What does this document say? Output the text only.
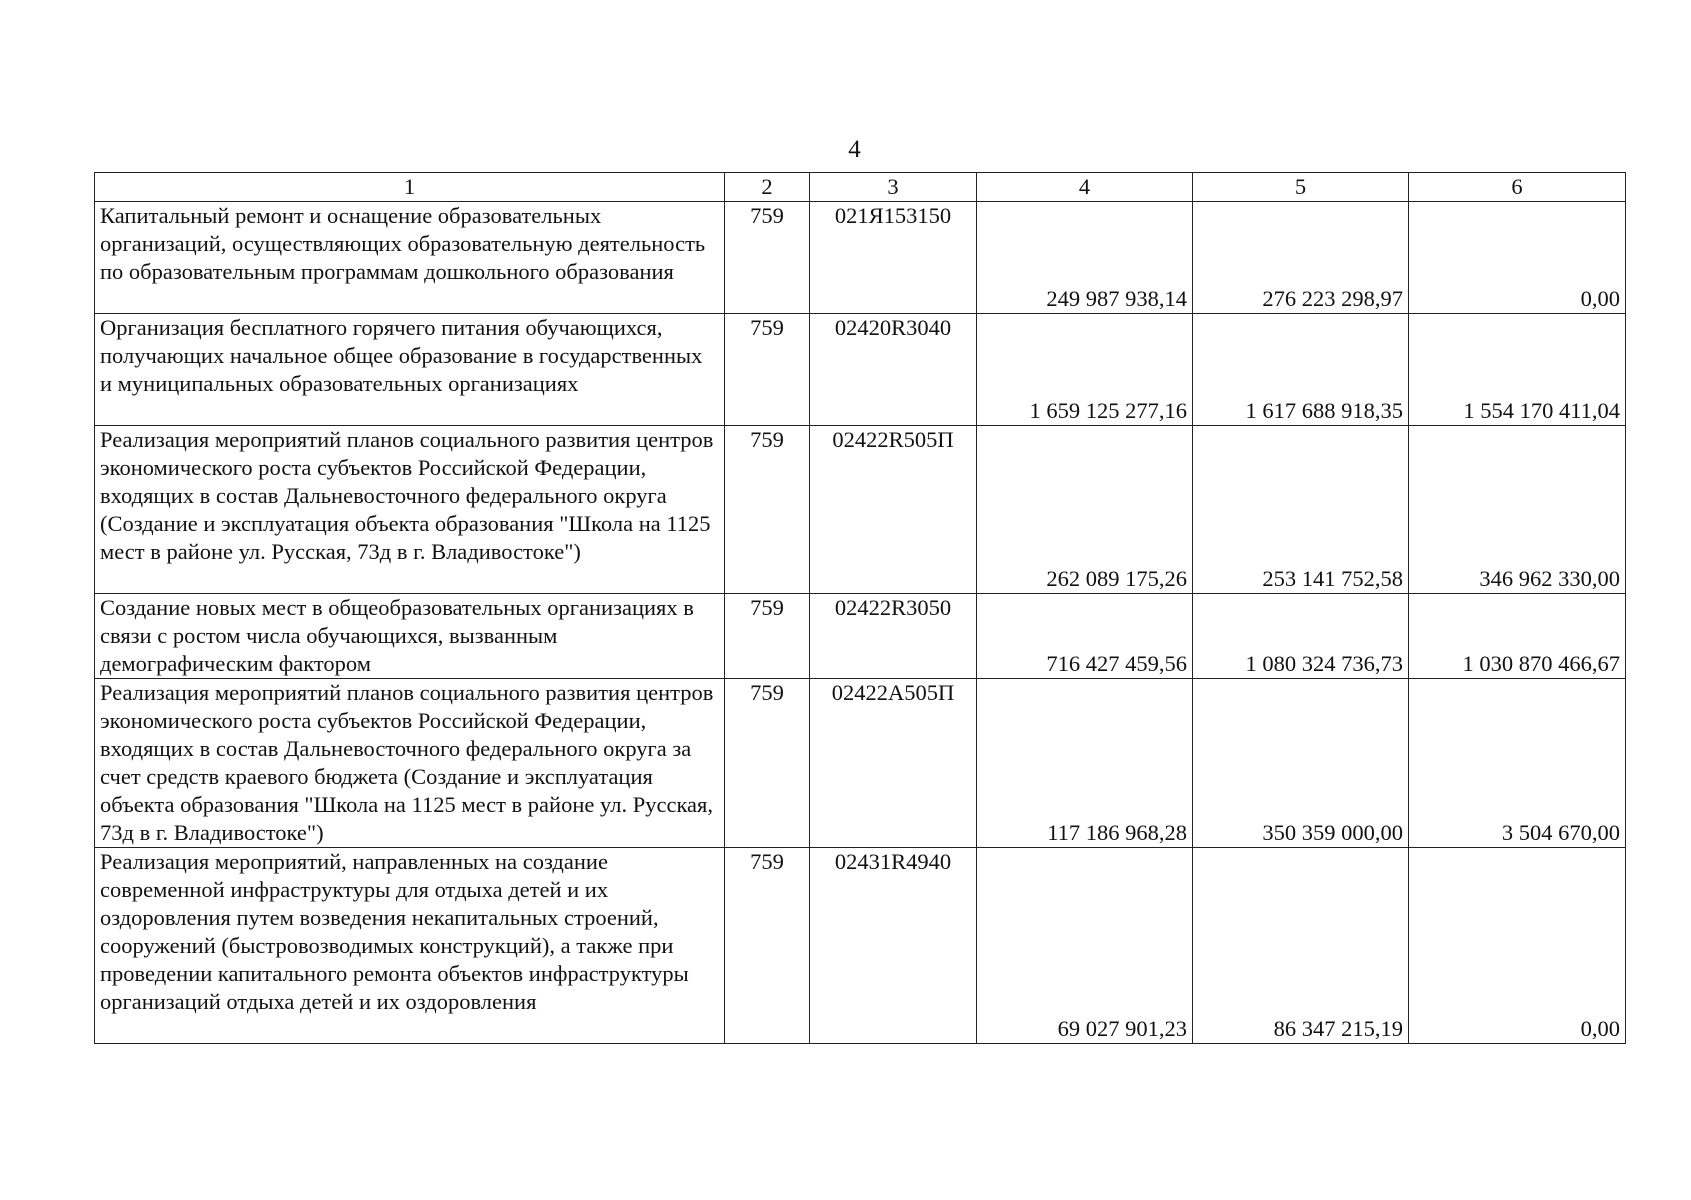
4
1	2	3	4	5	6
Капитальный ремонт и оснащение образовательных организаций, осуществляющих образовательную деятельность по образовательным программам дошкольного образования	759	021Я153150	249 987 938,14	276 223 298,97	0,00
Организация бесплатного горячего питания обучающихся, получающих начальное общее образование в государственных и муниципальных образовательных организациях	759	02420R3040	1 659 125 277,16	1 617 688 918,35	1 554 170 411,04
Реализация мероприятий планов социального развития центров экономического роста субъектов Российской Федерации, входящих в состав Дальневосточного федерального округа (Создание и эксплуатация объекта образования "Школа на 1125 мест в районе ул. Русская, 73д в г. Владивостоке")	759	02422R505П	262 089 175,26	253 141 752,58	346 962 330,00
Создание новых мест в общеобразовательных организациях в связи с ростом числа обучающихся, вызванным демографическим фактором	759	02422R3050	716 427 459,56	1 080 324 736,73	1 030 870 466,67
Реализация мероприятий планов социального развития центров экономического роста субъектов Российской Федерации, входящих в состав Дальневосточного федерального округа за счет средств краевого бюджета (Создание и эксплуатация объекта образования "Школа на 1125 мест в районе ул. Русская, 73д в г. Владивостоке")	759	02422А505П	117 186 968,28	350 359 000,00	3 504 670,00
Реализация мероприятий, направленных на создание современной инфраструктуры для отдыха детей и их оздоровления путем возведения некапитальных строений, сооружений (быстровозводимых конструкций), а также при проведении капитального ремонта объектов инфраструктуры организаций отдыха детей и их оздоровления	759	02431R4940	69 027 901,23	86 347 215,19	0,00
